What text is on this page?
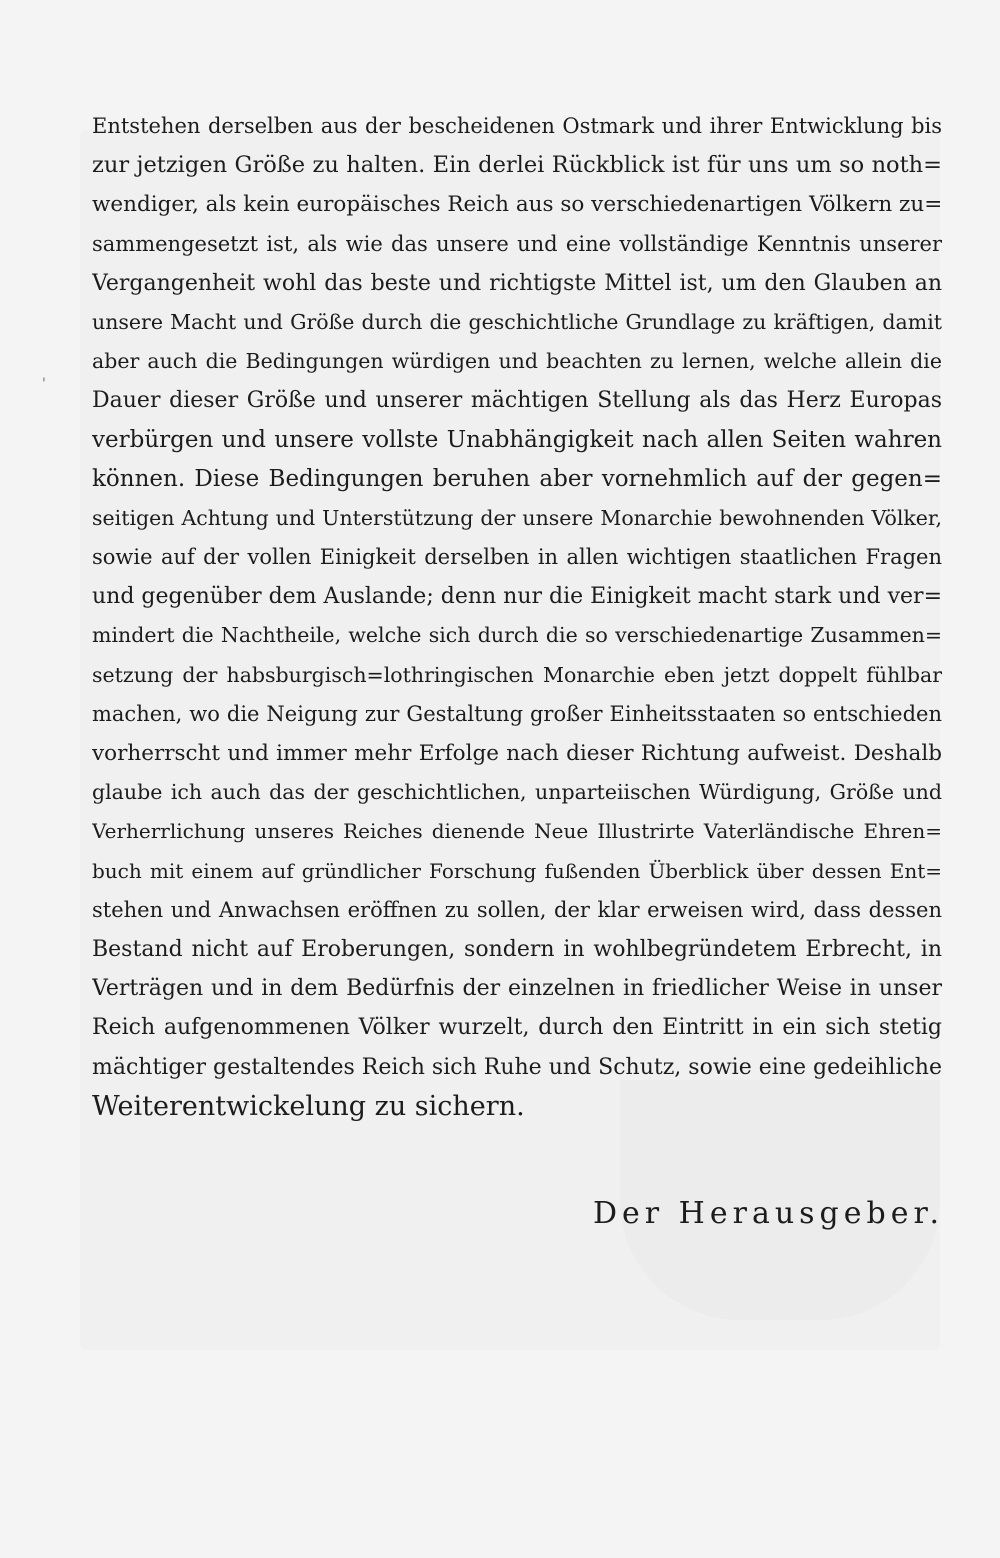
'

Entstehen derselben aus der bescheidenen Ostmark und ihrer Entwicklung bis
zur jetzigen Größe zu halten. Ein derlei Rückblick ist für uns um so noth=
wendiger, als kein europäisches Reich aus so verschiedenartigen Völkern zu=
sammengesetzt ist, als wie das unsere und eine vollständige Kenntnis unserer
Vergangenheit wohl das beste und richtigste Mittel ist, um den Glauben an
unsere Macht und Größe durch die geschichtliche Grundlage zu kräftigen, damit
aber auch die Bedingungen würdigen und beachten zu lernen, welche allein die
Dauer dieser Größe und unserer mächtigen Stellung als das Herz Europas
verbürgen und unsere vollste Unabhängigkeit nach allen Seiten wahren
können. Diese Bedingungen beruhen aber vornehmlich auf der gegen=
seitigen Achtung und Unterstützung der unsere Monarchie bewohnenden Völker,
sowie auf der vollen Einigkeit derselben in allen wichtigen staatlichen Fragen
und gegenüber dem Auslande; denn nur die Einigkeit macht stark und ver=
mindert die Nachtheile, welche sich durch die so verschiedenartige Zusammen=
setzung der habsburgisch=lothringischen Monarchie eben jetzt doppelt fühlbar
machen, wo die Neigung zur Gestaltung großer Einheitsstaaten so entschieden
vorherrscht und immer mehr Erfolge nach dieser Richtung aufweist. Deshalb
glaube ich auch das der geschichtlichen, unparteiischen Würdigung, Größe und
Verherrlichung unseres Reiches dienende Neue Illustrirte Vaterländische Ehren=
buch mit einem auf gründlicher Forschung fußenden Überblick über dessen Ent=
stehen und Anwachsen eröffnen zu sollen, der klar erweisen wird, dass dessen
Bestand nicht auf Eroberungen, sondern in wohlbegründetem Erbrecht, in
Verträgen und in dem Bedürfnis der einzelnen in friedlicher Weise in unser
Reich aufgenommenen Völker wurzelt, durch den Eintritt in ein sich stetig
mächtiger gestaltendes Reich sich Ruhe und Schutz, sowie eine gedeihliche
Weiterentwickelung zu sichern.

Der Herausgeber.
